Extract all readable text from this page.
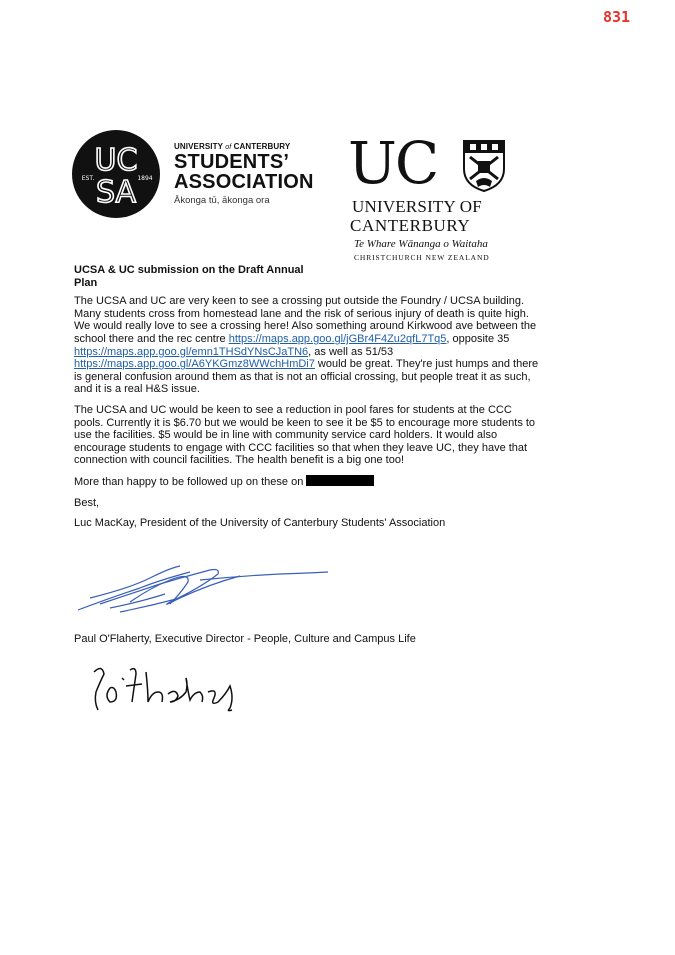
831
UC
SA
EST.	1894
UNIVERSITY of CANTERBURY
STUDENTS’
ASSOCIATION
Ākonga tū, ākonga ora
UC
UNIVERSITY OF
CANTERBURY
Te Whare Wānanga o Waitaha
CHRISTCHURCH NEW ZEALAND
UCSA & UC submission on the Draft Annual Plan

The UCSA and UC are very keen to see a crossing put outside the Foundry / UCSA building. Many students cross from homestead lane and the risk of serious injury of death is quite high. We would really love to see a crossing here! Also something around Kirkwood ave between the school there and the rec centre https://maps.app.goo.gl/jGBr4F4Zu2qfL7Tq5, opposite 35 https://maps.app.goo.gl/emn1THSdYNsCJaTN6, as well as 51/53 https://maps.app.goo.gl/A6YKGmz8WWchHmDi7 would be great. They're just humps and there is general confusion around them as that is not an official crossing, but people treat it as such, and it is a real H&S issue.

The UCSA and UC would be keen to see a reduction in pool fares for students at the CCC pools. Currently it is $6.70 but we would be keen to see it be $5 to encourage more students to use the facilities. $5 would be in line with community service card holders. It would also encourage students to engage with CCC facilities so that when they leave UC, they have that connection with council facilities. The health benefit is a big one too!

More than happy to be followed up on these on

Best,

Luc MacKay, President of the University of Canterbury Students' Association

Paul O'Flaherty, Executive Director - People, Culture and Campus Life
